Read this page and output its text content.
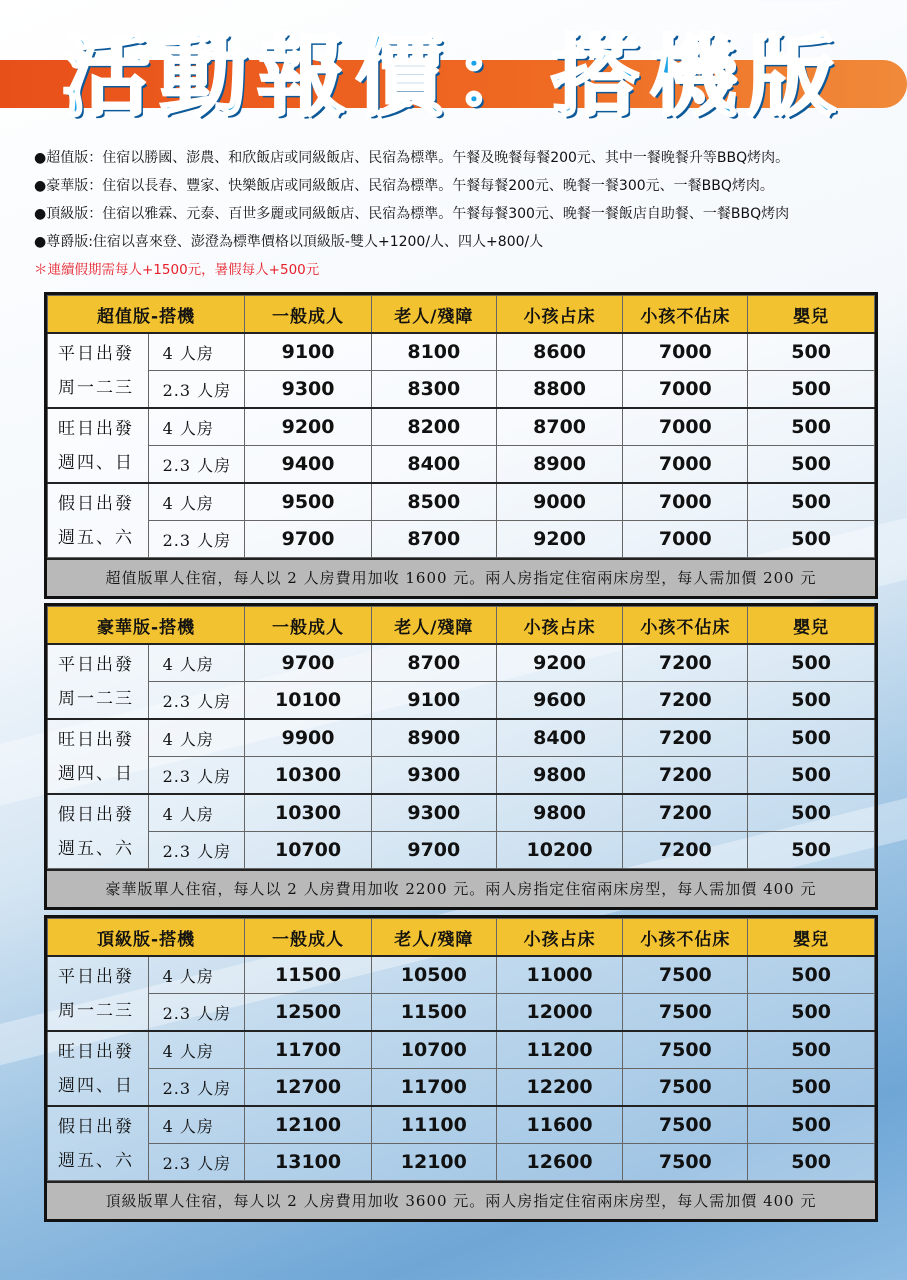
活動報價：搭機版
●超值版：住宿以勝國、澎農、和欣飯店或同級飯店、民宿為標準。午餐及晚餐每餐200元、其中一餐晚餐升等BBQ烤肉。
●豪華版：住宿以長春、豐家、快樂飯店或同級飯店、民宿為標準。午餐每餐200元、晚餐一餐300元、一餐BBQ烤肉。
●頂級版：住宿以雅霖、元泰、百世多麗或同級飯店、民宿為標準。午餐每餐300元、晚餐一餐飯店自助餐、一餐BBQ烤肉
●尊爵版:住宿以喜來登、澎澄為標準價格以頂級版-雙人+1200/人、四人+800/人
＊連續假期需每人+1500元，暑假每人+500元
超值版-搭機		一般成人	老人/殘障	小孩占床	小孩不佔床	嬰兒

平日出發
周一二三	4 人房	9100	8100	8600	7000	500
	2.3 人房	9300	8300	8800	7000	500

旺日出發
週四、日	4 人房	9200	8200	8700	7000	500
	2.3 人房	9400	8400	8900	7000	500

假日出發
週五、六	4 人房	9500	8500	9000	7000	500
	2.3 人房	9700	8700	9200	7000	500
超值版單人住宿，每人以 2 人房費用加收 1600 元。兩人房指定住宿兩床房型，每人需加價 200 元
豪華版-搭機		一般成人	老人/殘障	小孩占床	小孩不佔床	嬰兒

平日出發
周一二三	4 人房	9700	8700	9200	7200	500
	2.3 人房	10100	9100	9600	7200	500

旺日出發
週四、日	4 人房	9900	8900	8400	7200	500
	2.3 人房	10300	9300	9800	7200	500

假日出發
週五、六	4 人房	10300	9300	9800	7200	500
	2.3 人房	10700	9700	10200	7200	500
豪華版單人住宿，每人以 2 人房費用加收 2200 元。兩人房指定住宿兩床房型，每人需加價 400 元
頂級版-搭機		一般成人	老人/殘障	小孩占床	小孩不佔床	嬰兒

平日出發
周一二三	4 人房	11500	10500	11000	7500	500
	2.3 人房	12500	11500	12000	7500	500

旺日出發
週四、日	4 人房	11700	10700	11200	7500	500
	2.3 人房	12700	11700	12200	7500	500

假日出發
週五、六	4 人房	12100	11100	11600	7500	500
	2.3 人房	13100	12100	12600	7500	500
頂級版單人住宿，每人以 2 人房費用加收 3600 元。兩人房指定住宿兩床房型，每人需加價 400 元
